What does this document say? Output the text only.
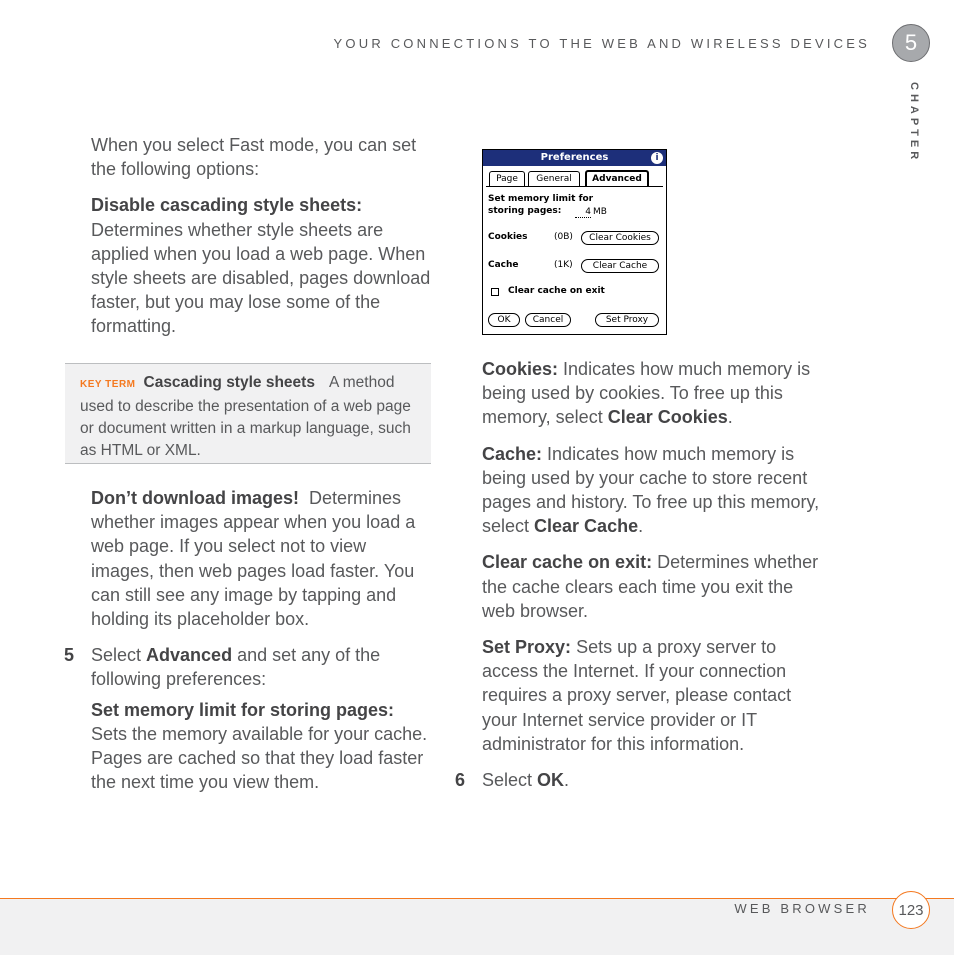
YOUR CONNECTIONS TO THE WEB AND WIRELESS DEVICES	5
CHAPTER

When you select Fast mode, you can set the following options:

Disable cascading style sheets:
Determines whether style sheets are applied when you load a web page. When style sheets are disabled, pages download faster, but you may lose some of the formatting.

KEY TERM Cascading style sheets A method used to describe the presentation of a web page or document written in a markup language, such as HTML or XML.

Don’t download images! Determines whether images appear when you load a web page. If you select not to view images, then web pages load faster. You can still see any image by tapping and holding its placeholder box.

5 Select Advanced and set any of the following preferences:

Set memory limit for storing pages:
Sets the memory available for your cache. Pages are cached so that they load faster the next time you view them.

Preferences	i
Page	General	Advanced
Set memory limit for
storing pages:	4 MB
Cookies	(0B)	Clear Cookies
Cache	(1K)	Clear Cache
Clear cache on exit
OK	Cancel	Set Proxy

Cookies: Indicates how much memory is being used by cookies. To free up this memory, select Clear Cookies.

Cache: Indicates how much memory is being used by your cache to store recent pages and history. To free up this memory, select Clear Cache.

Clear cache on exit: Determines whether the cache clears each time you exit the web browser.

Set Proxy: Sets up a proxy server to access the Internet. If your connection requires a proxy server, please contact your Internet service provider or IT administrator for this information.

6 Select OK.

WEB BROWSER	123
